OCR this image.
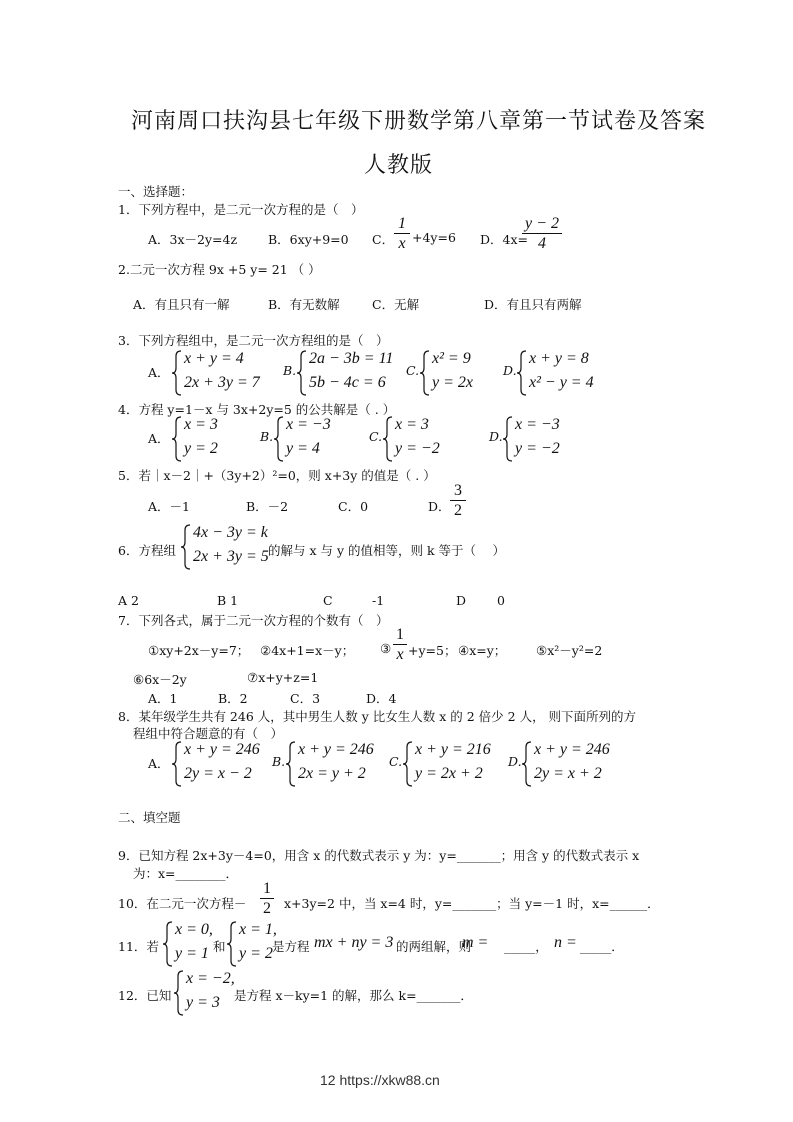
河南周口扶沟县七年级下册数学第八章第一节试卷及答案
人教版
一、选择题：
1．下列方程中，是二元一次方程的是（　）
A．3x－2y=4z B．6xy+9=0 C． $\frac{1}{x} +4y=6$ D．4x=
$\frac{y - 2}{4}$
2.二元一次方程 9x +5 y= 21 （ ）
A．有且只有一解	B．有无数解	C．无解	D．有且只有两解
3．下列方程组中，是二元一次方程组的是（　）
A．
x + y = 4
2x + 3y = 7
B.
2a − 3b = 11
5b − 4c = 6
C.
x² = 9
y = 2x
D.
x + y = 8
x² − y = 4
4．方程 y=1－x 与 3x+2y=5 的公共解是（ . ）
A．
x = 3
y = 2
B.
x = −3
y = 4
C.
x = 3
y = −2
D.
x = −3
y = −2
5．若｜x－2｜+（3y+2）²=0，则 x+3y 的值是（ . ）
A．－1	B．－2	C．0	D． $\frac{3}{2}$
6．方程组
4x − 3y = k
2x + 3y = 5 的解与 x 与 y 的值相等，则 k 等于（　 ）
A 2	B 1	C	-1	D 0
7．下列各式，属于二元一次方程的个数有（　）
①xy+2x－y=7； ②4x+1=x－y； ③ $\frac{1}{x} +y=5$； ④x=y； ⑤x²－y²=2
⑥6x－2y	⑦x+y+z=1
A．1	B．2	C．3	D．4
8．某年级学生共有 246 人，其中男生人数 y 比女生人数 x 的 2 倍少 2 人， 则下面所列的方
程组中符合题意的有（　）
A．
x + y = 246
2y = x − 2
B.
x + y = 246
2x = y + 2
C.
x + y = 216
y = 2x + 2
D.
x + y = 246
2y = x + 2
二、填空题
9．已知方程 2x+3y－4=0，用含 x 的代数式表示 y 为：y=_______；用含 y 的代数式表示 x
为：x=________．
10．在二元一次方程－ $\frac{1}{2} x+3y=2$ 中，当 x=4 时，y=_______；当 y=－1 时，x=______．
11．若
x = 0,
y = 1 和
x = 1,
y = 2 是方程 mx + ny = 3 的两组解，则
m = _____， n = _____．
12．已知
x = −2,
y = 3 是方程 x－ky=1 的解，那么 k=_______．
12 https://xkw88.cn
